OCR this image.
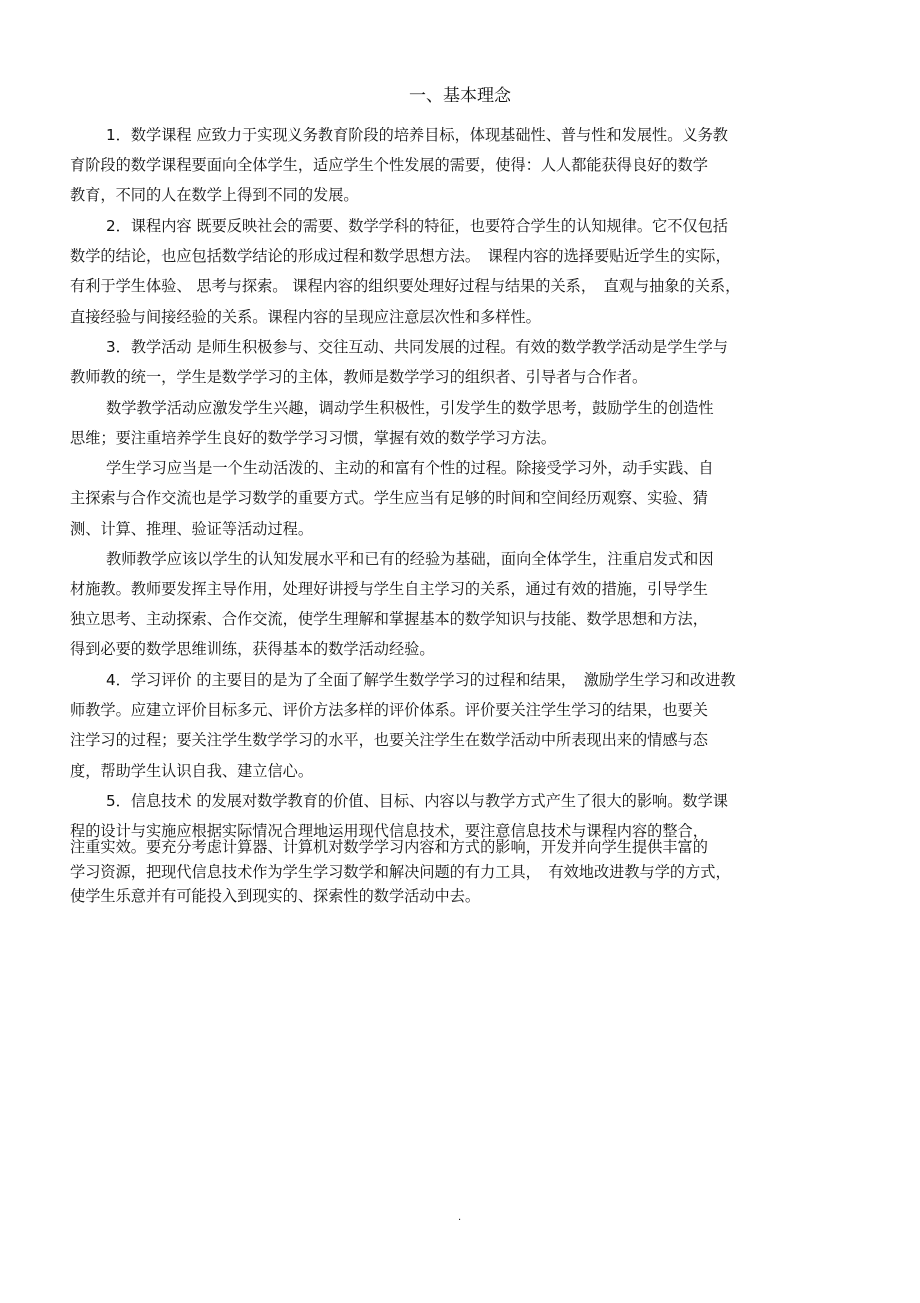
一、基本理念

1．数学课程 应致力于实现义务教育阶段的培养目标，体现基础性、普与性和发展性。义务教

育阶段的数学课程要面向全体学生，适应学生个性发展的需要，使得：人人都能获得良好的数学

教育，不同的人在数学上得到不同的发展。

2．课程内容 既要反映社会的需要、数学学科的特征，也要符合学生的认知规律。它不仅包括

数学的结论，也应包括数学结论的形成过程和数学思想方法。　课程内容的选择要贴近学生的实际，

有利于学生体验、 思考与探索。 课程内容的组织要处理好过程与结果的关系，　直观与抽象的关系，

直接经验与间接经验的关系。课程内容的呈现应注意层次性和多样性。

3．教学活动 是师生积极参与、交往互动、共同发展的过程。有效的数学教学活动是学生学与

教师教的统一，学生是数学学习的主体，教师是数学学习的组织者、引导者与合作者。

数学教学活动应激发学生兴趣，调动学生积极性，引发学生的数学思考，鼓励学生的创造性

思维；要注重培养学生良好的数学学习习惯，掌握有效的数学学习方法。

学生学习应当是一个生动活泼的、主动的和富有个性的过程。除接受学习外，动手实践、自

主探索与合作交流也是学习数学的重要方式。学生应当有足够的时间和空间经历观察、实验、猜

测、计算、推理、验证等活动过程。

教师教学应该以学生的认知发展水平和已有的经验为基础，面向全体学生，注重启发式和因

材施教。教师要发挥主导作用，处理好讲授与学生自主学习的关系，通过有效的措施，引导学生

独立思考、主动探索、合作交流，使学生理解和掌握基本的数学知识与技能、数学思想和方法，

得到必要的数学思维训练，获得基本的数学活动经验。

4．学习评价 的主要目的是为了全面了解学生数学学习的过程和结果，　激励学生学习和改进教

师教学。应建立评价目标多元、评价方法多样的评价体系。评价要关注学生学习的结果，也要关

注学习的过程；要关注学生数学学习的水平，也要关注学生在数学活动中所表现出来的情感与态

度，帮助学生认识自我、建立信心。

5．信息技术 的发展对数学教育的价值、目标、内容以与教学方式产生了很大的影响。数学课

程的设计与实施应根据实际情况合理地运用现代信息技术，要注意信息技术与课程内容的整合，

注重实效。要充分考虑计算器、计算机对数学学习内容和方式的影响，开发并向学生提供丰富的

学习资源，把现代信息技术作为学生学习数学和解决问题的有力工具，　有效地改进教与学的方式，

使学生乐意并有可能投入到现实的、探索性的数学活动中去。

.
